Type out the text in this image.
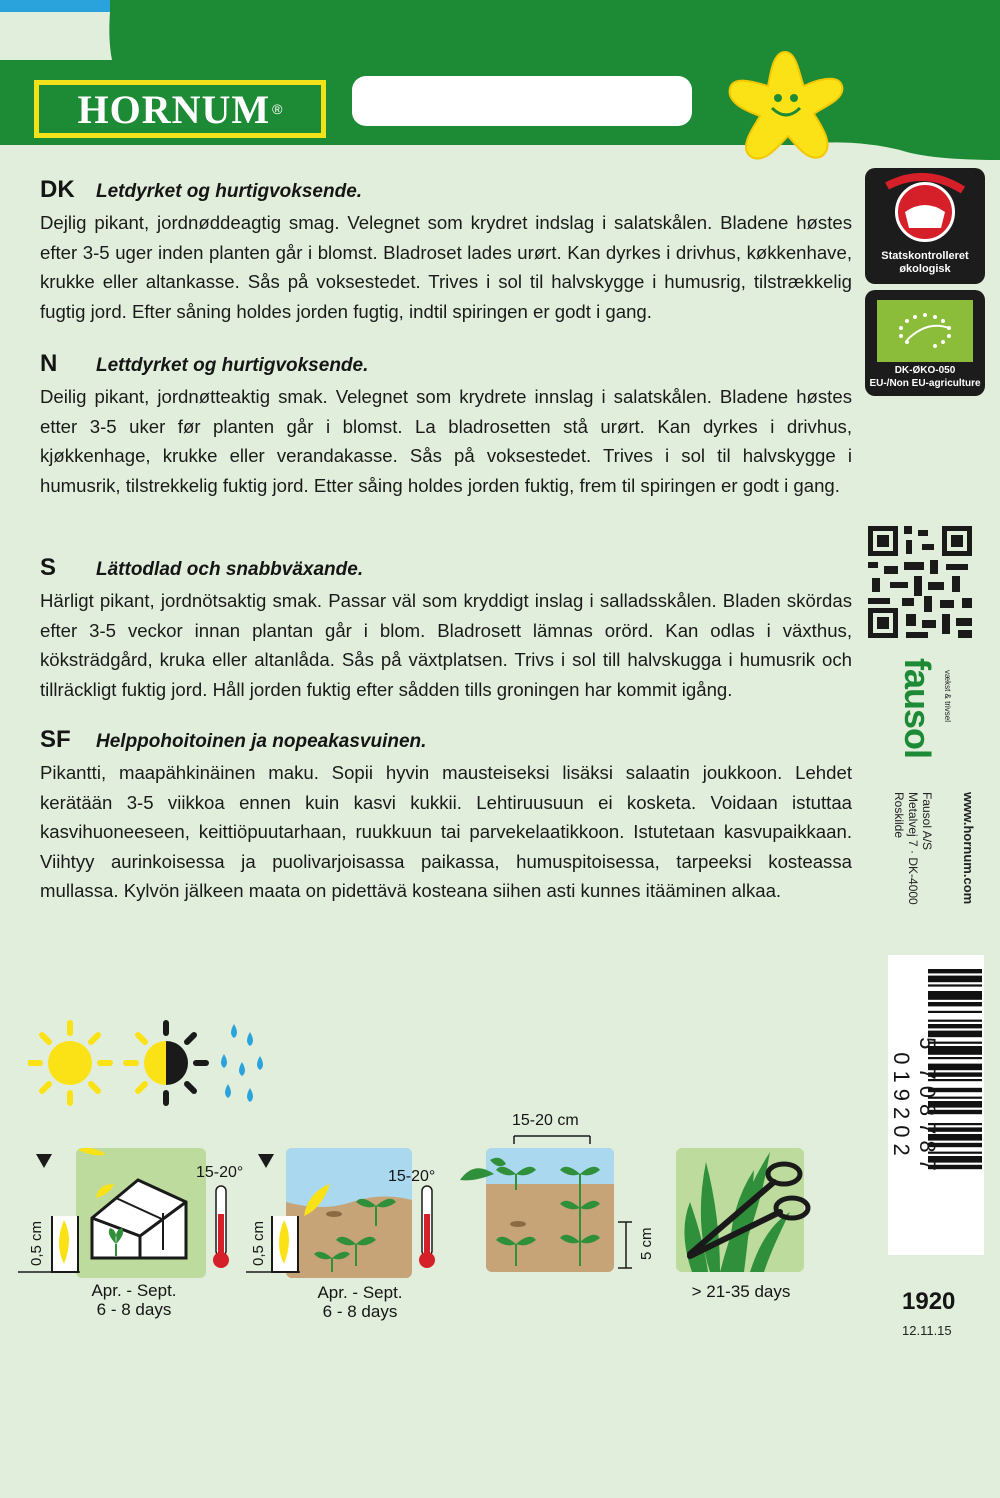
HORNUM ®
DK	Letdyrket og hurtigvoksende.

Dejlig pikant, jordnøddeagtig smag. Velegnet som krydret indslag i salatskålen. Bladene høstes efter 3-5 uger inden planten går i blomst. Bladroset lades urørt. Kan dyrkes i drivhus, køkkenhave, krukke eller altankasse. Sås på voksestedet. Trives i sol til halvskygge i humusrig, tilstrækkelig fugtig jord. Efter såning holdes jorden fugtig, indtil spiringen er godt i gang.

N	Lettdyrket og hurtigvoksende.

Deilig pikant, jordnøtteaktig smak. Velegnet som krydrete innslag i salatskålen. Bladene høstes etter 3-5 uker før planten går i blomst. La bladrosetten stå urørt. Kan dyrkes i drivhus, kjøkkenhage, krukke eller verandakasse. Sås på voksestedet. Trives i sol til halvskygge i humusrik, tilstrekkelig fuktig jord. Etter såing holdes jorden fuktig, frem til spiringen er godt i gang.

S	Lättodlad och snabbväxande.

Härligt pikant, jordnötsaktig smak. Passar väl som kryddigt inslag i salladsskålen. Bladen skördas efter 3-5 veckor innan plantan går i blom. Bladrosett lämnas orörd. Kan odlas i växthus, köksträdgård, kruka eller altanlåda. Sås på växtplatsen. Trivs i sol till halvskugga i humusrik och tillräckligt fuktig jord. Håll jorden fuktig efter sådden tills groningen har kommit igång.

SF	Helppohoitoinen ja nopeakasvuinen.

Pikantti, maapähkinäinen maku. Sopii hyvin mausteiseksi lisäksi salaatin joukkoon. Lehdet kerätään 3-5 viikkoa ennen kuin kasvi kukkii. Lehtiruusuun ei kosketa. Voidaan istuttaa kasvihuoneeseen, keittiöpuutarhaan, ruukkuun tai parvekelaatikkoon. Istutetaan kasvupaikkaan. Viihtyy aurinkoisessa ja puolivarjoisassa paikassa, humuspitoisessa, tarpeeksi kosteassa mullassa. Kylvön jälkeen maata on pidettävä kosteana siihen asti kunnes itääminen alkaa.

Statskontrolleret økologisk
DK-ØKO-050
EU-/Non EU-agriculture
fausol vækst & trivsel
Fausol A/S
Metalvej 7 · DK-4000 Roskilde	www.hornum.com
5 708787 019202
1920
12.11.15
15-20°
0,5 cm
Apr. - Sept.
6 - 8 days
15-20°
0,5 cm
Apr. - Sept.
6 - 8 days
15-20 cm
5 cm
> 21-35 days
